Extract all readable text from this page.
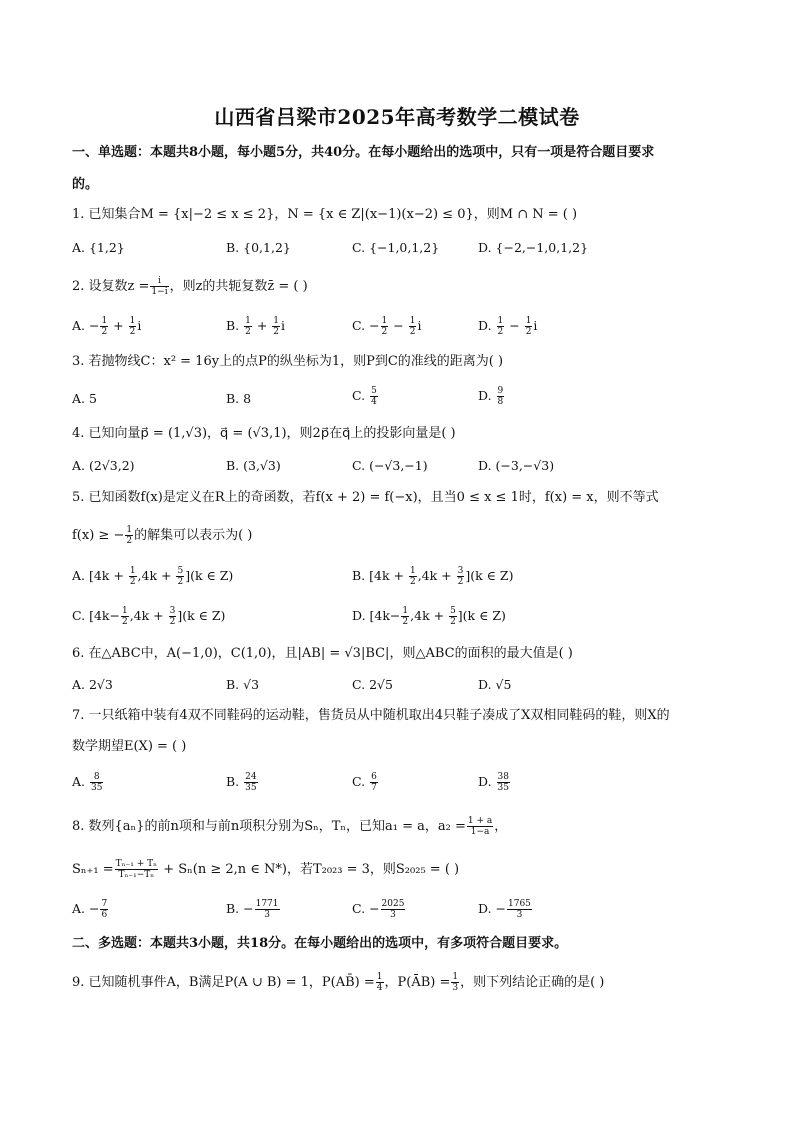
山西省吕梁市2025年高考数学二模试卷
一、单选题：本题共8小题，每小题5分，共40分。在每小题给出的选项中，只有一项是符合题目要求
的。
1. 已知集合M = {x|−2 ≤ x ≤ 2}，N = {x ∈ Z|(x−1)(x−2) ≤ 0}，则M ∩ N = ( )
A. {1,2}	B. {0,1,2}	C. {−1,0,1,2}	D. {−2,−1,0,1,2}
2. 设复数$z = \frac{i}{1-i}$ ，则z的共轭复数z̄ = ( )
A. − $\frac{1}{2} + \frac{1}{2}$ i	B. $\frac{1}{2} + \frac{1}{2}$ i	C. − $\frac{1}{2} - \frac{1}{2}$ i	D. $\frac{1}{2} - \frac{1}{2}$ i
3. 若抛物线C：x² = 16y上的点P的纵坐标为1，则P到C的准线的距离为( )
A. 5	B. 8	C. $\frac{5}{4}$	D. $\frac{9}{8}$
4. 已知向量p⃗ = (1,√3)，q⃗ = (√3,1)，则2p⃗在q⃗上的投影向量是( )
A. (2√3,2)	B. (3,√3)	C. (−√3,−1)	D. (−3,−√3)
5. 已知函数f(x)是定义在R上的奇函数，若f(x + 2) = f(−x)，且当0 ≤ x ≤ 1时，f(x) = x，则不等式
f(x) ≥ − $\frac{1}{2}$ 的解集可以表示为( )
A. $[4k + \frac{1}{2} ,4k + \frac{5}{2} ](k$ ∈ Z)	B. $[4k + \frac{1}{2} ,4k + \frac{3}{2} ](k$ ∈ Z)
C. $[4k- \frac{1}{2} ,4k + \frac{3}{2} ](k$ ∈ Z)	D. $[4k- \frac{1}{2} ,4k + \frac{5}{2} ](k$ ∈ Z)
6. 在△ABC中，A(−1,0)，C(1,0)，且|AB| = √3|BC|，则△ABC的面积的最大值是( )
A. 2√3	B. √3	C. 2√5	D. √5
7. 一只纸箱中装有4双不同鞋码的运动鞋，售货员从中随机取出4只鞋子凑成了X双相同鞋码的鞋，则X的
数学期望E(X) = ( )
A. $\frac{8}{35}$	B. $\frac{24}{35}$	C. $\frac{6}{7}$	D. $\frac{38}{35}$
8. 数列{aₙ}的前n项和与前n项积分别为Sₙ，Tₙ，已知a₁ = a，$a_2 = \frac{1 + a}{1-a}$ ，
$S_{n+1} = \frac{\text{Tₙ₋₁ + Tₙ}}{\text{Tₙ₋₁−Tₙ}} + S_n(n \ge 2,n$ ∈ N*)，若T₂₀₂₃ = 3，则S₂₀₂₅ = ( )
A. − $\frac{7}{6}$	B. − $\frac{1771}{3}$	C. − $\frac{2025}{3}$	D. − $\frac{1765}{3}$
二、多选题：本题共3小题，共18分。在每小题给出的选项中，有多项符合题目要求。
9. 已知随机事件A，B满足P(A ∪ B) = 1，P(AB̄) = $\frac{1}{4}$ ，P(ĀB) = $\frac{1}{3}$ ，则下列结论正确的是( )
